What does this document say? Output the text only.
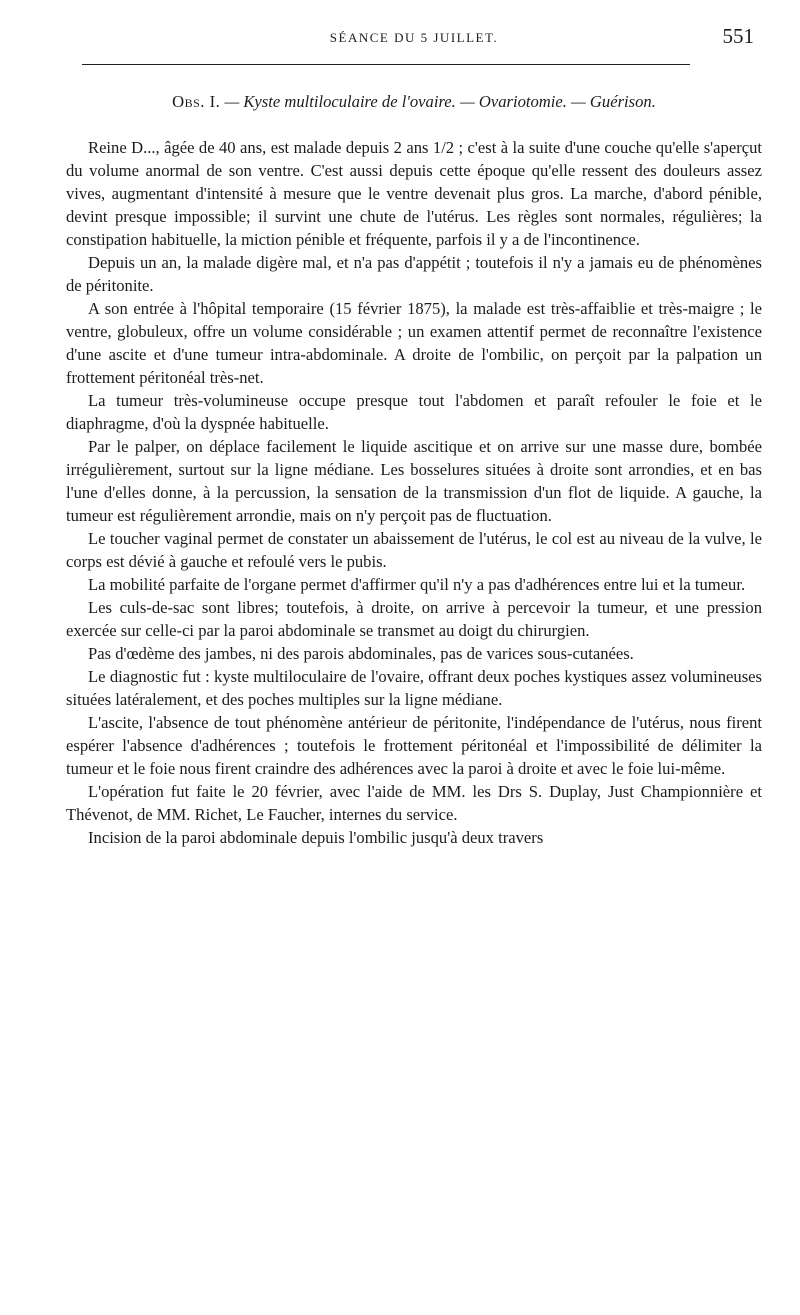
SÉANCE DU 5 JUILLET.	551

Obs. I. — Kyste multiloculaire de l'ovaire. — Ovariotomie. — Guérison.

Reine D..., âgée de 40 ans, est malade depuis 2 ans 1/2 ; c'est à la suite d'une couche qu'elle s'aperçut du volume anormal de son ventre. C'est aussi depuis cette époque qu'elle ressent des douleurs assez vives, augmentant d'intensité à mesure que le ventre devenait plus gros. La marche, d'abord pénible, devint presque impossible; il survint une chute de l'utérus. Les règles sont normales, régulières; la constipation habituelle, la miction pénible et fréquente, parfois il y a de l'incontinence.

Depuis un an, la malade digère mal, et n'a pas d'appétit ; toutefois il n'y a jamais eu de phénomènes de péritonite.

A son entrée à l'hôpital temporaire (15 février 1875), la malade est très-affaiblie et très-maigre ; le ventre, globuleux, offre un volume considérable ; un examen attentif permet de reconnaître l'existence d'une ascite et d'une tumeur intra-abdominale. A droite de l'ombilic, on perçoit par la palpation un frottement péritonéal très-net.

La tumeur très-volumineuse occupe presque tout l'abdomen et paraît refouler le foie et le diaphragme, d'où la dyspnée habituelle.

Par le palper, on déplace facilement le liquide ascitique et on arrive sur une masse dure, bombée irrégulièrement, surtout sur la ligne médiane. Les bosselures situées à droite sont arrondies, et en bas l'une d'elles donne, à la percussion, la sensation de la transmission d'un flot de liquide. A gauche, la tumeur est régulièrement arrondie, mais on n'y perçoit pas de fluctuation.

Le toucher vaginal permet de constater un abaissement de l'utérus, le col est au niveau de la vulve, le corps est dévié à gauche et refoulé vers le pubis.

La mobilité parfaite de l'organe permet d'affirmer qu'il n'y a pas d'adhérences entre lui et la tumeur.

Les culs-de-sac sont libres; toutefois, à droite, on arrive à percevoir la tumeur, et une pression exercée sur celle-ci par la paroi abdominale se transmet au doigt du chirurgien.

Pas d'œdème des jambes, ni des parois abdominales, pas de varices sous-cutanées.

Le diagnostic fut : kyste multiloculaire de l'ovaire, offrant deux poches kystiques assez volumineuses situées latéralement, et des poches multiples sur la ligne médiane.

L'ascite, l'absence de tout phénomène antérieur de péritonite, l'indépendance de l'utérus, nous firent espérer l'absence d'adhérences ; toutefois le frottement péritonéal et l'impossibilité de délimiter la tumeur et le foie nous firent craindre des adhérences avec la paroi à droite et avec le foie lui-même.

L'opération fut faite le 20 février, avec l'aide de MM. les Drs S. Duplay, Just Championnière et Thévenot, de MM. Richet, Le Faucher, internes du service.

Incision de la paroi abdominale depuis l'ombilic jusqu'à deux travers
